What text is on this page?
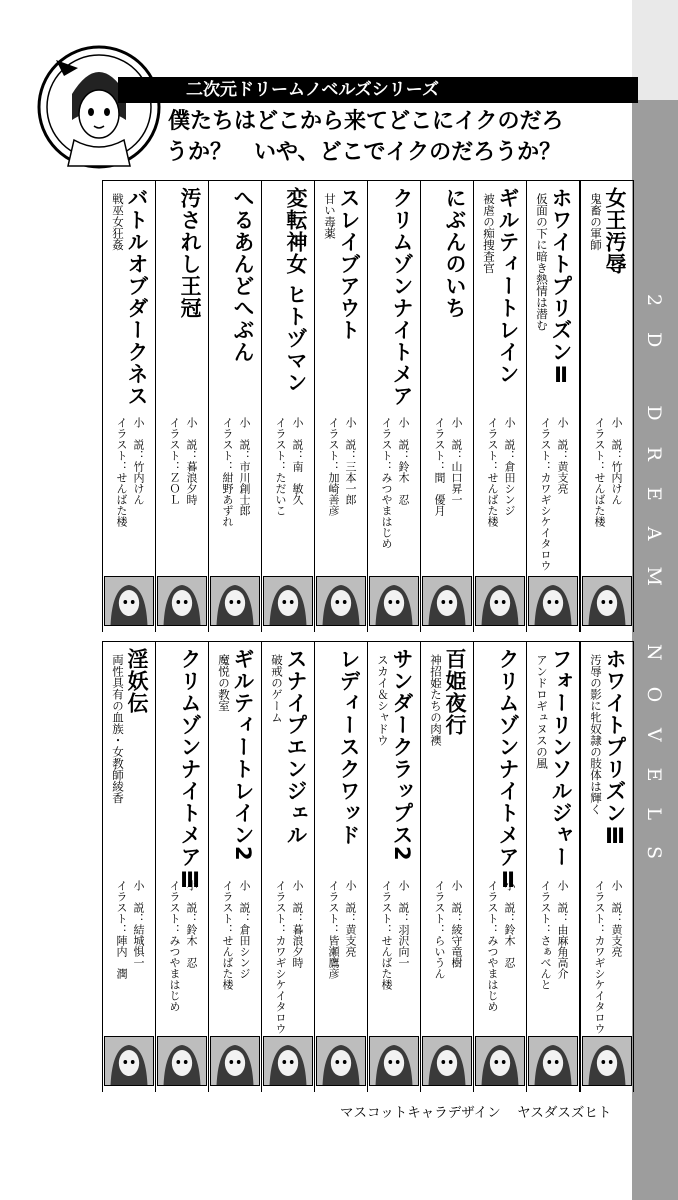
2D DREAM NOVELS
二次元ドリームノベルズシリーズ
僕たちはどこから来てどこにイクのだろ
うか？　いや、どこでイクのだろうか？
女王汚辱
鬼畜の軍師
小　説：竹内けん
イラスト：せんばた楼
ホワイトプリズンⅡ
仮面の下に暗き熱情は潜む
小　説：黄支亮
イラスト：カワギシケイタロウ
ギルティートレイン
被虐の痴捜査官
小　説：倉田シンジ
イラスト：せんばた楼
にぶんのいち
小　説：山口昇一
イラスト：間　優月
クリムゾンナイトメア
小　説：鈴木　忍
イラスト：みつやまはじめ
スレイブアウト
甘い毒薬
小　説：三本一郎
イラスト：加崎善彦
変転神女 ヒトヅマン
小　説：南　敏久
イラスト：ただいこ
へるあんどへぶん
小　説：市川創士郎
イラスト：紺野あずれ
汚されし王冠
小　説：暮浪夕時
イラスト：ＺＯＬ
バトルオブダークネス
戦巫女狂姦
小　説：竹内けん
イラスト：せんばた楼
ホワイトプリズンⅢ
汚辱の影に牝奴隷の肢体は輝く
小　説：黄支亮
イラスト：カワギシケイタロウ
フォーリンソルジャー
アンドロギュヌスの風
小　説：由麻角高介
イラスト：さぁべんと
クリムゾンナイトメアⅡ
小　説：鈴木　忍
イラスト：みつやまはじめ
百姫夜行
神招姫たちの肉襖
小　説：綾守竜樹
イラスト：らいうん
サンダークラップス2
スカイ＆シャドウ
小　説：羽沢向一
イラスト：せんばた楼
レディースクワッド
小　説：黄支亮
イラスト：皆瀬鷹彦
スナイプエンジェル
破戒のゲーム
小　説：暮浪夕時
イラスト：カワギシケイタロウ
ギルティートレイン2
魔悦の教室
小　説：倉田シンジ
イラスト：せんばた楼
クリムゾンナイトメアⅢ
小　説：鈴木　忍
イラスト：みつやまはじめ
淫妖伝
両性具有の血族・女教師綾香
小　説：結城惧一
イラスト：陣内　潤
マスコットキャラデザイン ヤスダスズヒト
